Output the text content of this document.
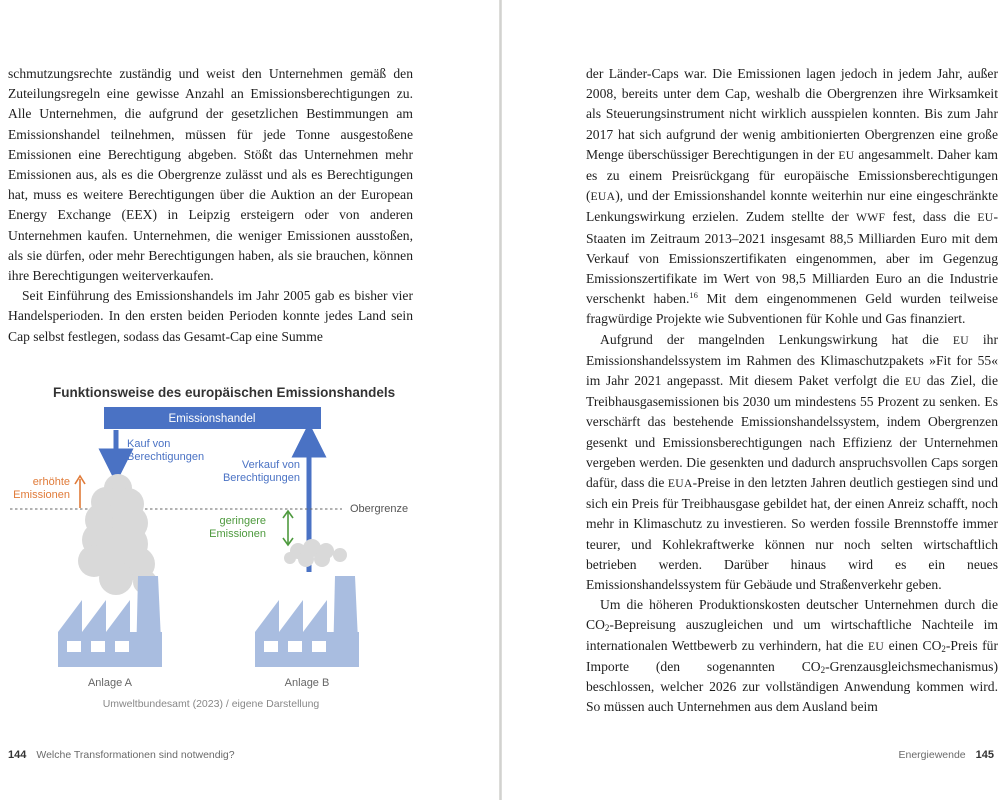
schmutzungsrechte zuständig und weist den Unternehmen gemäß den Zuteilungsregeln eine gewisse Anzahl an Emissionsberechtigungen zu. Alle Unternehmen, die aufgrund der gesetzlichen Bestimmungen am Emissionshandel teilnehmen, müssen für jede Tonne ausgestoßene Emissionen eine Berechtigung abgeben. Stößt das Unternehmen mehr Emissionen aus, als es die Obergrenze zulässt und als es Berechtigungen hat, muss es weitere Berechtigungen über die Auktion an der European Energy Exchange (EEX) in Leipzig ersteigern oder von anderen Unternehmen kaufen. Unternehmen, die weniger Emissionen ausstoßen, als sie dürfen, oder mehr Berechtigungen haben, als sie brauchen, können ihre Berechtigungen weiterverkaufen.

Seit Einführung des Emissionshandels im Jahr 2005 gab es bisher vier Handelsperioden. In den ersten beiden Perioden konnte jedes Land sein Cap selbst festlegen, sodass das Gesamt-Cap eine Summe

Funktionsweise des europäischen Emissionshandels
Emissionshandel
Kauf von
Berechtigungen
Verkauf von
Berechtigungen
erhöhte
Emissionen
Obergrenze
geringere
Emissionen
Anlage A	Anlage B
Umweltbundesamt (2023) / eigene Darstellung
144 Welche Transformationen sind notwendig?

der Länder-Caps war. Die Emissionen lagen jedoch in jedem Jahr, außer 2008, bereits unter dem Cap, weshalb die Obergrenzen ihre Wirksamkeit als Steuerungsinstrument nicht wirklich ausspielen konnten. Bis zum Jahr 2017 hat sich aufgrund der wenig ambitionierten Obergrenzen eine große Menge überschüssiger Berechtigungen in der EU angesammelt. Daher kam es zu einem Preisrückgang für europäische Emissionsberechtigungen (EUA), und der Emissionshandel konnte weiterhin nur eine eingeschränkte Lenkungswirkung erzielen. Zudem stellte der WWF fest, dass die EU-Staaten im Zeitraum 2013–2021 insgesamt 88,5 Milliarden Euro mit dem Verkauf von Emissionszertifikaten eingenommen, aber im Gegenzug Emissionszertifikate im Wert von 98,5 Milliarden Euro an die Industrie verschenkt haben.$^{16}$ Mit dem eingenommenen Geld wurden teilweise fragwürdige Projekte wie Subventionen für Kohle und Gas finanziert.

Aufgrund der mangelnden Lenkungswirkung hat die EU ihr Emissionshandelssystem im Rahmen des Klimaschutzpakets »Fit for 55« im Jahr 2021 angepasst. Mit diesem Paket verfolgt die EU das Ziel, die Treibhausgasemissionen bis 2030 um mindestens 55 Prozent zu senken. Es verschärft das bestehende Emissionshandelssystem, indem Obergrenzen gesenkt und Emissionsberechtigungen nach Effizienz der Unternehmen vergeben werden. Die gesenkten und dadurch anspruchsvollen Caps sorgen dafür, dass die EUA-Preise in den letzten Jahren deutlich gestiegen sind und sich ein Preis für Treibhausgase gebildet hat, der einen Anreiz schafft, noch mehr in Klimaschutz zu investieren. So werden fossile Brennstoffe immer teurer, und Kohlekraftwerke können nur noch selten wirtschaftlich betrieben werden. Darüber hinaus wird es ein neues Emissionshandelssystem für Gebäude und Straßenverkehr geben.

Um die höheren Produktionskosten deutscher Unternehmen durch die $CO_2$-Bepreisung auszugleichen und um wirtschaftliche Nachteile im internationalen Wettbewerb zu verhindern, hat die EU einen $CO_2$-Preis für Importe (den sogenannten $CO_2-Grenzausgleichsmechanismus$) beschlossen, welcher 2026 zur vollständigen Anwendung kommen wird. So müssen auch Unternehmen aus dem Ausland beim

Energiewende 145
